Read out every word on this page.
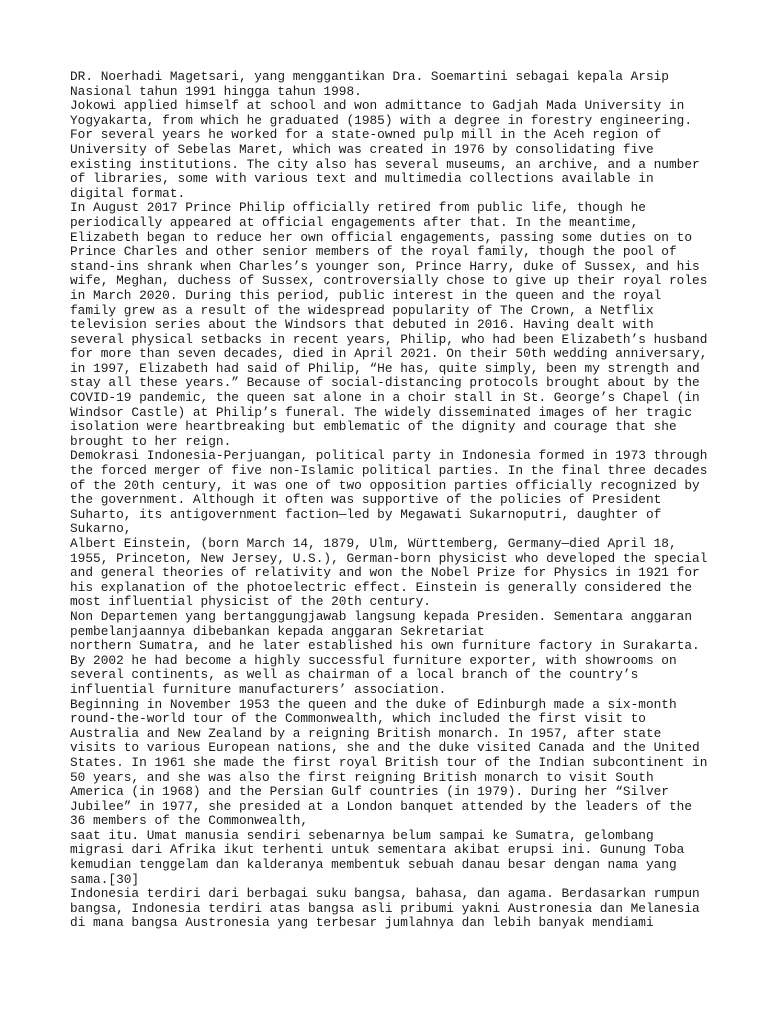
DR. Noerhadi Magetsari, yang menggantikan Dra. Soemartini sebagai kepala Arsip
Nasional tahun 1991 hingga tahun 1998.
Jokowi applied himself at school and won admittance to Gadjah Mada University in
Yogyakarta, from which he graduated (1985) with a degree in forestry engineering.
For several years he worked for a state-owned pulp mill in the Aceh region of
University of Sebelas Maret, which was created in 1976 by consolidating five
existing institutions. The city also has several museums, an archive, and a number
of libraries, some with various text and multimedia collections available in
digital format.
In August 2017 Prince Philip officially retired from public life, though he
periodically appeared at official engagements after that. In the meantime,
Elizabeth began to reduce her own official engagements, passing some duties on to
Prince Charles and other senior members of the royal family, though the pool of
stand-ins shrank when Charles’s younger son, Prince Harry, duke of Sussex, and his
wife, Meghan, duchess of Sussex, controversially chose to give up their royal roles
in March 2020. During this period, public interest in the queen and the royal
family grew as a result of the widespread popularity of The Crown, a Netflix
television series about the Windsors that debuted in 2016. Having dealt with
several physical setbacks in recent years, Philip, who had been Elizabeth’s husband
for more than seven decades, died in April 2021. On their 50th wedding anniversary,
in 1997, Elizabeth had said of Philip, “He has, quite simply, been my strength and
stay all these years.” Because of social-distancing protocols brought about by the
COVID-19 pandemic, the queen sat alone in a choir stall in St. George’s Chapel (in
Windsor Castle) at Philip’s funeral. The widely disseminated images of her tragic
isolation were heartbreaking but emblematic of the dignity and courage that she
brought to her reign.
Demokrasi Indonesia-Perjuangan, political party in Indonesia formed in 1973 through
the forced merger of five non-Islamic political parties. In the final three decades
of the 20th century, it was one of two opposition parties officially recognized by
the government. Although it often was supportive of the policies of President
Suharto, its antigovernment faction—led by Megawati Sukarnoputri, daughter of
Sukarno,
Albert Einstein, (born March 14, 1879, Ulm, Württemberg, Germany—died April 18,
1955, Princeton, New Jersey, U.S.), German-born physicist who developed the special
and general theories of relativity and won the Nobel Prize for Physics in 1921 for
his explanation of the photoelectric effect. Einstein is generally considered the
most influential physicist of the 20th century.
Non Departemen yang bertanggungjawab langsung kepada Presiden. Sementara anggaran
pembelanjaannya dibebankan kepada anggaran Sekretariat
northern Sumatra, and he later established his own furniture factory in Surakarta.
By 2002 he had become a highly successful furniture exporter, with showrooms on
several continents, as well as chairman of a local branch of the country’s
influential furniture manufacturers’ association.
Beginning in November 1953 the queen and the duke of Edinburgh made a six-month
round-the-world tour of the Commonwealth, which included the first visit to
Australia and New Zealand by a reigning British monarch. In 1957, after state
visits to various European nations, she and the duke visited Canada and the United
States. In 1961 she made the first royal British tour of the Indian subcontinent in
50 years, and she was also the first reigning British monarch to visit South
America (in 1968) and the Persian Gulf countries (in 1979). During her “Silver
Jubilee” in 1977, she presided at a London banquet attended by the leaders of the
36 members of the Commonwealth,
saat itu. Umat manusia sendiri sebenarnya belum sampai ke Sumatra, gelombang
migrasi dari Afrika ikut terhenti untuk sementara akibat erupsi ini. Gunung Toba
kemudian tenggelam dan kalderanya membentuk sebuah danau besar dengan nama yang
sama.[30]
Indonesia terdiri dari berbagai suku bangsa, bahasa, dan agama. Berdasarkan rumpun
bangsa, Indonesia terdiri atas bangsa asli pribumi yakni Austronesia dan Melanesia
di mana bangsa Austronesia yang terbesar jumlahnya dan lebih banyak mendiami
